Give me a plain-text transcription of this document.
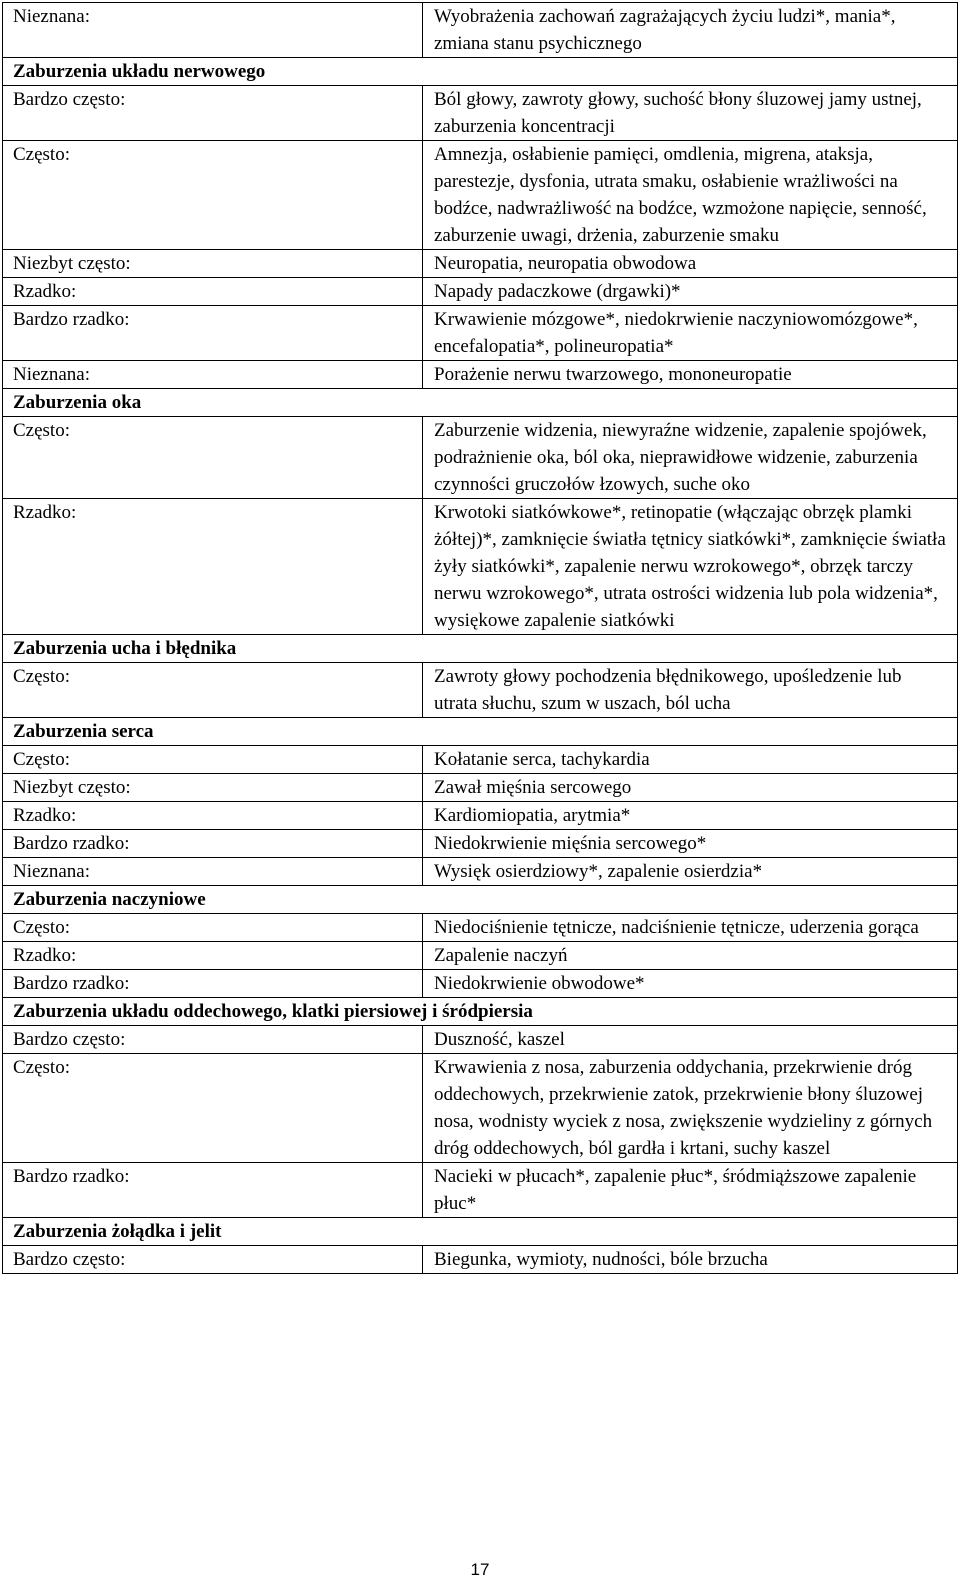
Nieznana:	Wyobrażenia zachowań zagrażających życiu ludzi*, mania*, zmiana stanu psychicznego
Zaburzenia układu nerwowego	
Bardzo często:	Ból głowy, zawroty głowy, suchość błony śluzowej jamy ustnej, zaburzenia koncentracji
Często:	Amnezja, osłabienie pamięci, omdlenia, migrena, ataksja, parestezje, dysfonia, utrata smaku, osłabienie wrażliwości na bodźce, nadwrażliwość na bodźce, wzmożone napięcie, senność, zaburzenie uwagi, drżenia, zaburzenie smaku
Niezbyt często:	Neuropatia, neuropatia obwodowa
Rzadko:	Napady padaczkowe (drgawki)*
Bardzo rzadko:	Krwawienie mózgowe*, niedokrwienie naczyniowomózgowe*, encefalopatia*, polineuropatia*
Nieznana:	Porażenie nerwu twarzowego, mononeuropatie
Zaburzenia oka	
Często:	Zaburzenie widzenia, niewyraźne widzenie, zapalenie spojówek, podrażnienie oka, ból oka, nieprawidłowe widzenie, zaburzenia czynności gruczołów łzowych, suche oko
Rzadko:	Krwotoki siatkówkowe*, retinopatie (włączając obrzęk plamki żółtej)*, zamknięcie światła tętnicy siatkówki*, zamknięcie światła żyły siatkówki*, zapalenie nerwu wzrokowego*, obrzęk tarczy nerwu wzrokowego*, utrata ostrości widzenia lub pola widzenia*, wysiękowe zapalenie siatkówki
Zaburzenia ucha i błędnika	
Często:	Zawroty głowy pochodzenia błędnikowego, upośledzenie lub utrata słuchu, szum w uszach, ból ucha
Zaburzenia serca	
Często:	Kołatanie serca, tachykardia
Niezbyt często:	Zawał mięśnia sercowego
Rzadko:	Kardiomiopatia, arytmia*
Bardzo rzadko:	Niedokrwienie mięśnia sercowego*
Nieznana:	Wysięk osierdziowy*, zapalenie osierdzia*
Zaburzenia naczyniowe	
Często:	Niedociśnienie tętnicze, nadciśnienie tętnicze, uderzenia gorąca
Rzadko:	Zapalenie naczyń
Bardzo rzadko:	Niedokrwienie obwodowe*
Zaburzenia układu oddechowego, klatki piersiowej i śródpiersia	
Bardzo często:	Duszność, kaszel
Często:	Krwawienia z nosa, zaburzenia oddychania, przekrwienie dróg oddechowych, przekrwienie zatok, przekrwienie błony śluzowej nosa, wodnisty wyciek z nosa, zwiększenie wydzieliny z górnych dróg oddechowych, ból gardła i krtani, suchy kaszel
Bardzo rzadko:	Nacieki w płucach*, zapalenie płuc*, śródmiąższowe zapalenie płuc*
Zaburzenia żołądka i jelit	
Bardzo często:	Biegunka, wymioty, nudności, bóle brzucha
17
